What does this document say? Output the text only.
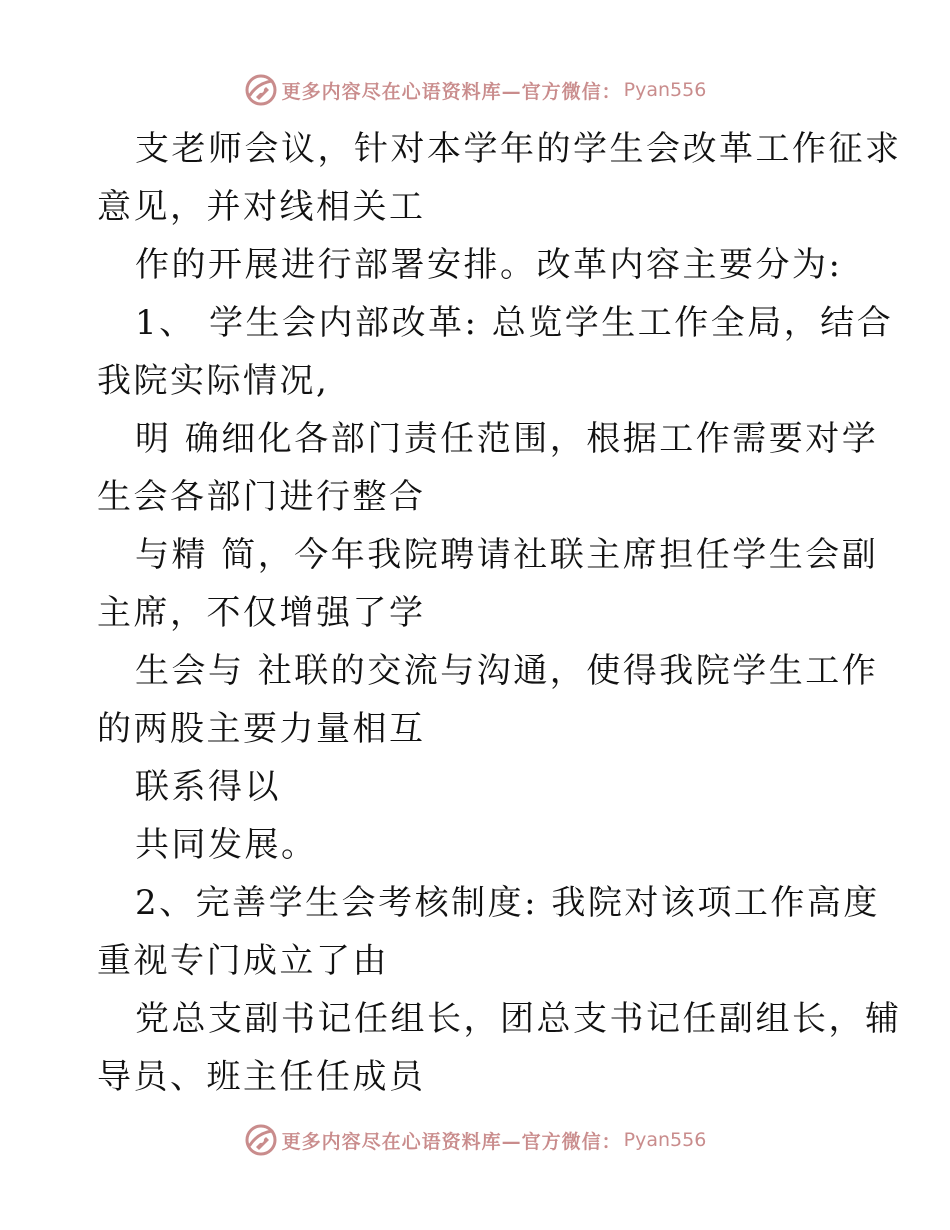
更多内容尽在心语资料库—官方微信： Pyan556
支老师会议，针对本学年的学生会改革工作征求
意见，并对线相关工
作的开展进行部署安排。改革内容主要分为:
1、 学生会内部改革: 总览学生工作全局，结合
我院实际情况,
明 确细化各部门责任范围，根据工作需要对学
生会各部门进行整合
与精 简，今年我院聘请社联主席担任学生会副
主席，不仅增强了学
生会与 社联的交流与沟通，使得我院学生工作
的两股主要力量相互
联系得以
共同发展。
2、完善学生会考核制度: 我院对该项工作高度
重视专门成立了由
党总支副书记任组长，团总支书记任副组长，辅
导员、班主任任成员
更多内容尽在心语资料库—官方微信： Pyan556
